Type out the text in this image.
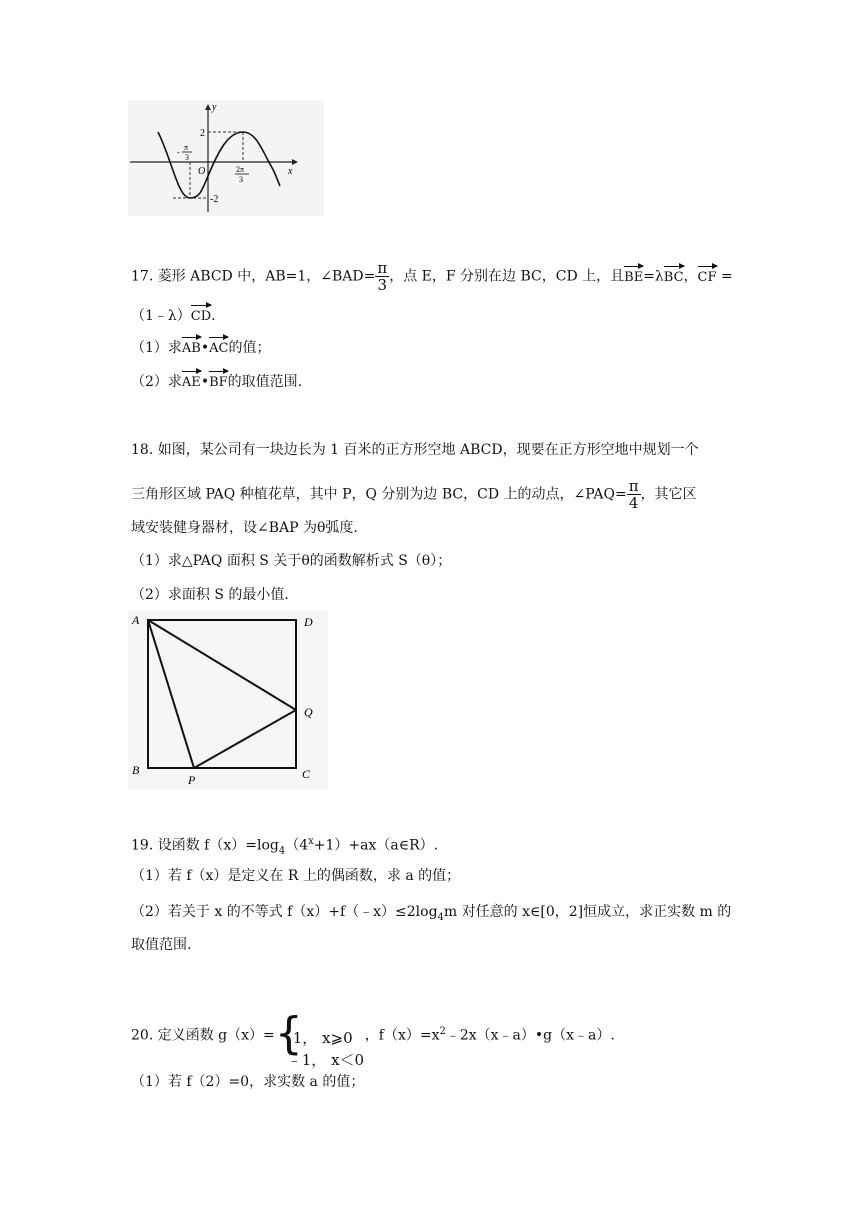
y
x
O
2
-2
π
3
-
2π
3
17. 菱形 ABCD 中，AB=1，∠BAD= $\frac{\pi}{3}$ ，点 E，F 分别在边 BC，CD 上，且BE=λBC，CF =
（1﹣λ）CD.
（1）求AB•AC的值；
（2）求AE•BF的取值范围.
18. 如图，某公司有一块边长为 1 百米的正方形空地 ABCD，现要在正方形空地中规划一个
三角形区域 PAQ 种植花草，其中 P，Q 分别为边 BC，CD 上的动点，∠PAQ= $\frac{\pi}{4}$ ，其它区
域安装健身器材，设∠BAP 为θ弧度.
（1）求△PAQ 面积 S 关于θ的函数解析式 S（θ）；
（2）求面积 S 的最小值.
A	D
Q
B
P	C
19. 设函数 $f(x)=\log_4(4^x+1)+ax(a\in R)$.
（1）若 f（x）是定义在 R 上的偶函数，求 a 的值；
（2）若关于 x 的不等式 $f(x)+f(﹣x)\le 2\log_4m$ 对任意的 x∈[0，2]恒成立，求正实数 m 的
取值范围.
20. 定义函数 g（x）= {
1， x⩾0
﹣1， x＜0
，$f(x)=x^2﹣2x(x﹣a)•g(x﹣a)$.
（1）若 f（2）=0，求实数 a 的值；
